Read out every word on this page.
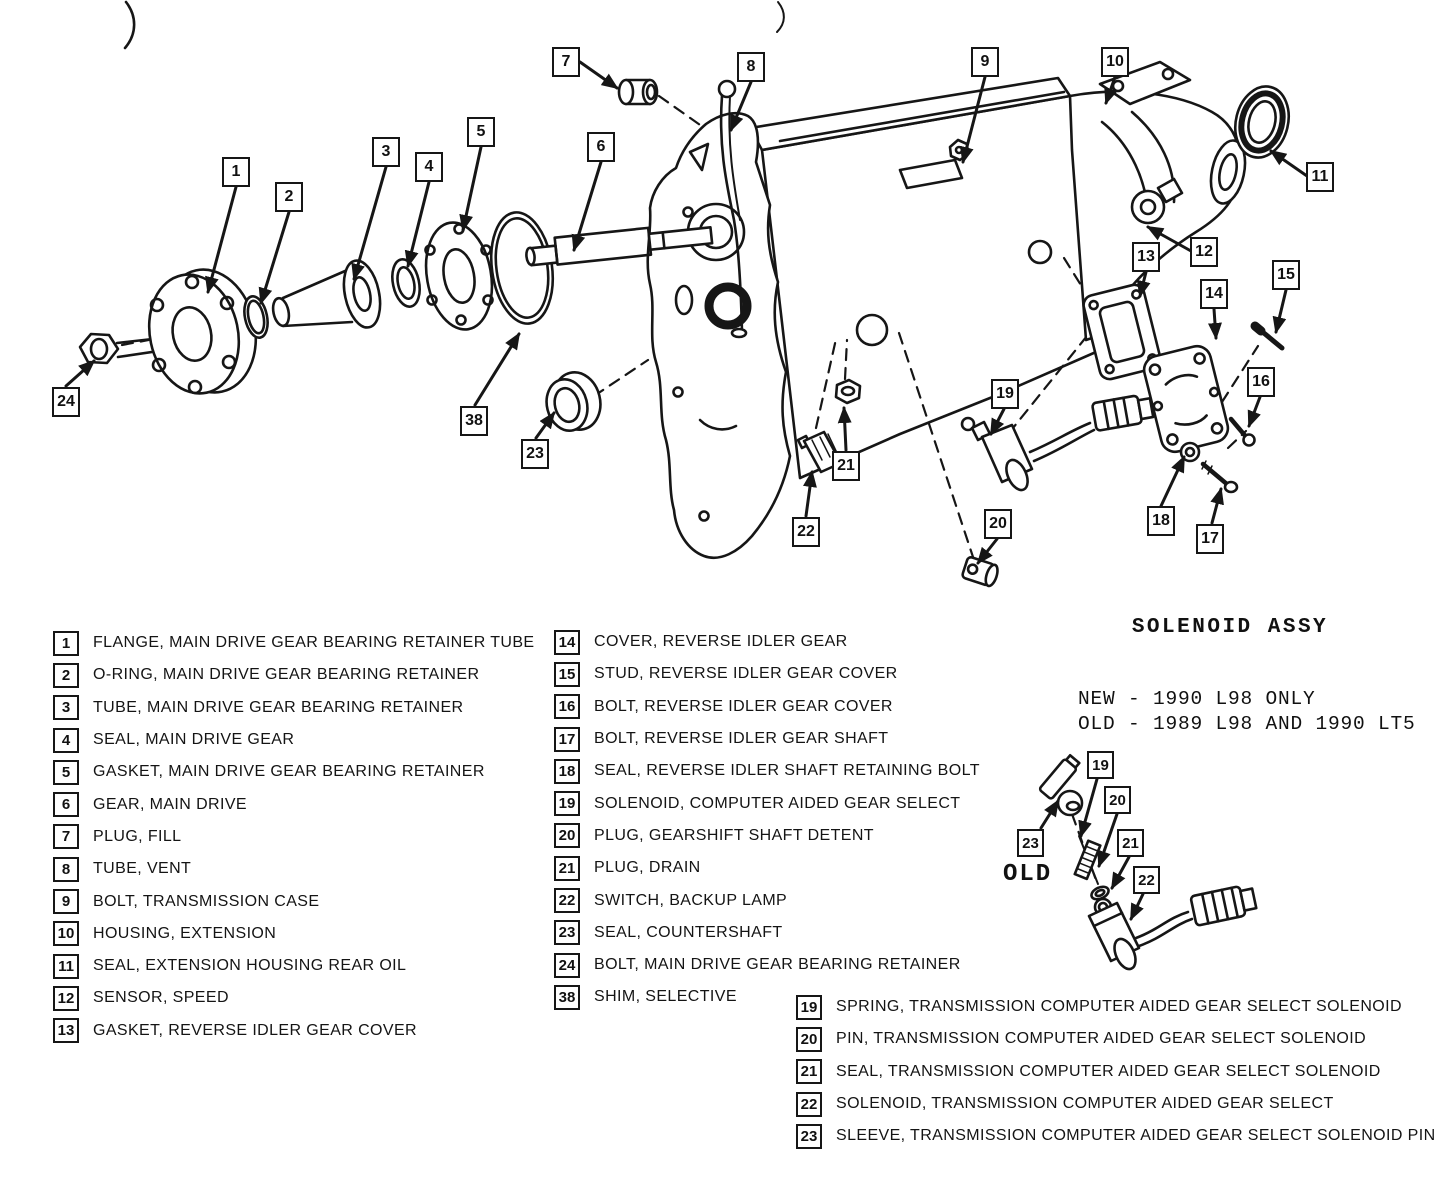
1
2
3
4
5
6
7	8	9	10
11
12
13
14
15
16
17
18
19
20
21
22
23
24
38
19
20
21
22
23
1	FLANGE, MAIN DRIVE GEAR BEARING RETAINER TUBE
2	O-RING, MAIN DRIVE GEAR BEARING RETAINER
3	TUBE, MAIN DRIVE GEAR BEARING RETAINER
4	SEAL, MAIN DRIVE GEAR
5	GASKET, MAIN DRIVE GEAR BEARING RETAINER
6	GEAR, MAIN DRIVE
7	PLUG, FILL
8	TUBE, VENT
9	BOLT, TRANSMISSION CASE
10 HOUSING, EXTENSION
11	SEAL, EXTENSION HOUSING REAR OIL
12 SENSOR, SPEED
13 GASKET, REVERSE IDLER GEAR COVER
14 COVER, REVERSE IDLER GEAR
15 STUD, REVERSE IDLER GEAR COVER
16 BOLT, REVERSE IDLER GEAR COVER
17 BOLT, REVERSE IDLER GEAR SHAFT
18 SEAL, REVERSE IDLER SHAFT RETAINING BOLT
19 SOLENOID, COMPUTER AIDED GEAR SELECT
20 PLUG, GEARSHIFT SHAFT DETENT
21 PLUG, DRAIN
22 SWITCH, BACKUP LAMP
23 SEAL, COUNTERSHAFT
24 BOLT, MAIN DRIVE GEAR BEARING RETAINER
38 SHIM, SELECTIVE
SOLENOID ASSY
NEW - 1990 L98 ONLY
OLD - 1989 L98 AND 1990 LT5
OLD
19 SPRING, TRANSMISSION COMPUTER AIDED GEAR SELECT SOLENOID
20 PIN, TRANSMISSION COMPUTER AIDED GEAR SELECT SOLENOID
21 SEAL, TRANSMISSION COMPUTER AIDED GEAR SELECT SOLENOID
22 SOLENOID, TRANSMISSION COMPUTER AIDED GEAR SELECT
23 SLEEVE, TRANSMISSION COMPUTER AIDED GEAR SELECT SOLENOID PIN
